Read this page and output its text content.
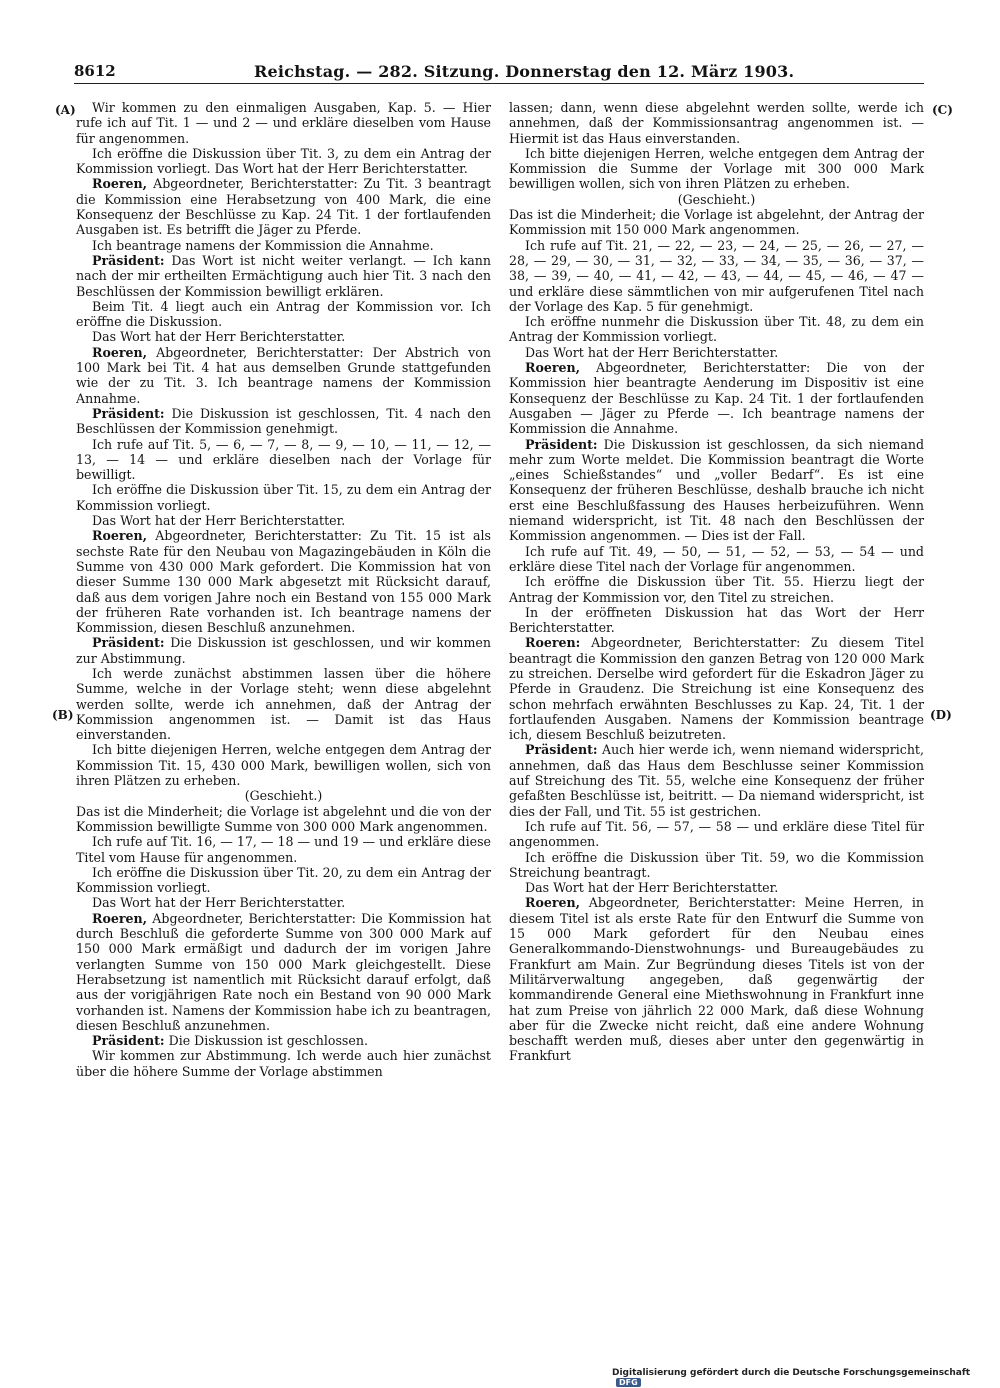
8612	Reichstag. — 282. Sitzung. Donnerstag den 12. März 1903.
(A)
(B)
(C)
(D)

Wir kommen zu den einmaligen Ausgaben, Kap. 5. — Hier rufe ich auf Tit. 1 — und 2 — und erkläre dieselben vom Hause für angenommen.

Ich eröffne die Diskussion über Tit. 3, zu dem ein Antrag der Kommission vorliegt. Das Wort hat der Herr Berichterstatter.

Roeren, Abgeordneter, Berichterstatter: Zu Tit. 3 beantragt die Kommission eine Herabsetzung von 400 Mark, die eine Konsequenz der Beschlüsse zu Kap. 24 Tit. 1 der fortlaufenden Ausgaben ist. Es betrifft die Jäger zu Pferde.

Ich beantrage namens der Kommission die Annahme.

Präsident: Das Wort ist nicht weiter verlangt. — Ich kann nach der mir ertheilten Ermächtigung auch hier Tit. 3 nach den Beschlüssen der Kommission bewilligt erklären.

Beim Tit. 4 liegt auch ein Antrag der Kommission vor. Ich eröffne die Diskussion.

Das Wort hat der Herr Berichterstatter.

Roeren, Abgeordneter, Berichterstatter: Der Abstrich von 100 Mark bei Tit. 4 hat aus demselben Grunde stattgefunden wie der zu Tit. 3. Ich beantrage namens der Kommission Annahme.

Präsident: Die Diskussion ist geschlossen, Tit. 4 nach den Beschlüssen der Kommission genehmigt.

Ich rufe auf Tit. 5, — 6, — 7, — 8, — 9, — 10, — 11, — 12, — 13, — 14 — und erkläre dieselben nach der Vorlage für bewilligt.

Ich eröffne die Diskussion über Tit. 15, zu dem ein Antrag der Kommission vorliegt.

Das Wort hat der Herr Berichterstatter.

Roeren, Abgeordneter, Berichterstatter: Zu Tit. 15 ist als sechste Rate für den Neubau von Magazingebäuden in Köln die Summe von 430 000 Mark gefordert. Die Kommission hat von dieser Summe 130 000 Mark abgesetzt mit Rücksicht darauf, daß aus dem vorigen Jahre noch ein Bestand von 155 000 Mark der früheren Rate vorhanden ist. Ich beantrage namens der Kommission, diesen Beschluß anzunehmen.

Präsident: Die Diskussion ist geschlossen, und wir kommen zur Abstimmung.

Ich werde zunächst abstimmen lassen über die höhere Summe, welche in der Vorlage steht; wenn diese abgelehnt werden sollte, werde ich annehmen, daß der Antrag der Kommission angenommen ist. — Damit ist das Haus einverstanden.

Ich bitte diejenigen Herren, welche entgegen dem Antrag der Kommission Tit. 15, 430 000 Mark, bewilligen wollen, sich von ihren Plätzen zu erheben.

(Geschieht.)

Das ist die Minderheit; die Vorlage ist abgelehnt und die von der Kommission bewilligte Summe von 300 000 Mark angenommen.

Ich rufe auf Tit. 16, — 17, — 18 — und 19 — und erkläre diese Titel vom Hause für angenommen.

Ich eröffne die Diskussion über Tit. 20, zu dem ein Antrag der Kommission vorliegt.

Das Wort hat der Herr Berichterstatter.

Roeren, Abgeordneter, Berichterstatter: Die Kommission hat durch Beschluß die geforderte Summe von 300 000 Mark auf 150 000 Mark ermäßigt und dadurch der im vorigen Jahre verlangten Summe von 150 000 Mark gleichgestellt. Diese Herabsetzung ist namentlich mit Rücksicht darauf erfolgt, daß aus der vorigjährigen Rate noch ein Bestand von 90 000 Mark vorhanden ist. Namens der Kommission habe ich zu beantragen, diesen Beschluß anzunehmen.

Präsident: Die Diskussion ist geschlossen.

Wir kommen zur Abstimmung. Ich werde auch hier zunächst über die höhere Summe der Vorlage abstimmen

lassen; dann, wenn diese abgelehnt werden sollte, werde ich annehmen, daß der Kommissionsantrag angenommen ist. — Hiermit ist das Haus einverstanden.

Ich bitte diejenigen Herren, welche entgegen dem Antrag der Kommission die Summe der Vorlage mit 300 000 Mark bewilligen wollen, sich von ihren Plätzen zu erheben.

(Geschieht.)

Das ist die Minderheit; die Vorlage ist abgelehnt, der Antrag der Kommission mit 150 000 Mark angenommen.

Ich rufe auf Tit. 21, — 22, — 23, — 24, — 25, — 26, — 27, — 28, — 29, — 30, — 31, — 32, — 33, — 34, — 35, — 36, — 37, — 38, — 39, — 40, — 41, — 42, — 43, — 44, — 45, — 46, — 47 — und erkläre diese sämmtlichen von mir aufgerufenen Titel nach der Vorlage des Kap. 5 für genehmigt.

Ich eröffne nunmehr die Diskussion über Tit. 48, zu dem ein Antrag der Kommission vorliegt.

Das Wort hat der Herr Berichterstatter.

Roeren, Abgeordneter, Berichterstatter: Die von der Kommission hier beantragte Aenderung im Dispositiv ist eine Konsequenz der Beschlüsse zu Kap. 24 Tit. 1 der fortlaufenden Ausgaben — Jäger zu Pferde —. Ich beantrage namens der Kommission die Annahme.

Präsident: Die Diskussion ist geschlossen, da sich niemand mehr zum Worte meldet. Die Kommission beantragt die Worte „eines Schießstandes“ und „voller Bedarf“. Es ist eine Konsequenz der früheren Beschlüsse, deshalb brauche ich nicht erst eine Beschlußfassung des Hauses herbeizuführen. Wenn niemand widerspricht, ist Tit. 48 nach den Beschlüssen der Kommission angenommen. — Dies ist der Fall.

Ich rufe auf Tit. 49, — 50, — 51, — 52, — 53, — 54 — und erkläre diese Titel nach der Vorlage für angenommen.

Ich eröffne die Diskussion über Tit. 55. Hierzu liegt der Antrag der Kommission vor, den Titel zu streichen.

In der eröffneten Diskussion hat das Wort der Herr Berichterstatter.

Roeren: Abgeordneter, Berichterstatter: Zu diesem Titel beantragt die Kommission den ganzen Betrag von 120 000 Mark zu streichen. Derselbe wird gefordert für die Eskadron Jäger zu Pferde in Graudenz. Die Streichung ist eine Konsequenz des schon mehrfach erwähnten Beschlusses zu Kap. 24, Tit. 1 der fortlaufenden Ausgaben. Namens der Kommission beantrage ich, diesem Beschluß beizutreten.

Präsident: Auch hier werde ich, wenn niemand widerspricht, annehmen, daß das Haus dem Beschlusse seiner Kommission auf Streichung des Tit. 55, welche eine Konsequenz der früher gefaßten Beschlüsse ist, beitritt. — Da niemand widerspricht, ist dies der Fall, und Tit. 55 ist gestrichen.

Ich rufe auf Tit. 56, — 57, — 58 — und erkläre diese Titel für angenommen.

Ich eröffne die Diskussion über Tit. 59, wo die Kommission Streichung beantragt.

Das Wort hat der Herr Berichterstatter.

Roeren, Abgeordneter, Berichterstatter: Meine Herren, in diesem Titel ist als erste Rate für den Entwurf die Summe von 15 000 Mark gefordert für den Neubau eines Generalkommando-Dienstwohnungs- und Bureaugebäudes zu Frankfurt am Main. Zur Begründung dieses Titels ist von der Militärverwaltung angegeben, daß gegenwärtig der kommandirende General eine Miethswohnung in Frankfurt inne hat zum Preise von jährlich 22 000 Mark, daß diese Wohnung aber für die Zwecke nicht reicht, daß eine andere Wohnung beschafft werden muß, dieses aber unter den gegenwärtig in Frankfurt

Digitalisierung gefördert durch die Deutsche Forschungsgemeinschaft DFG
